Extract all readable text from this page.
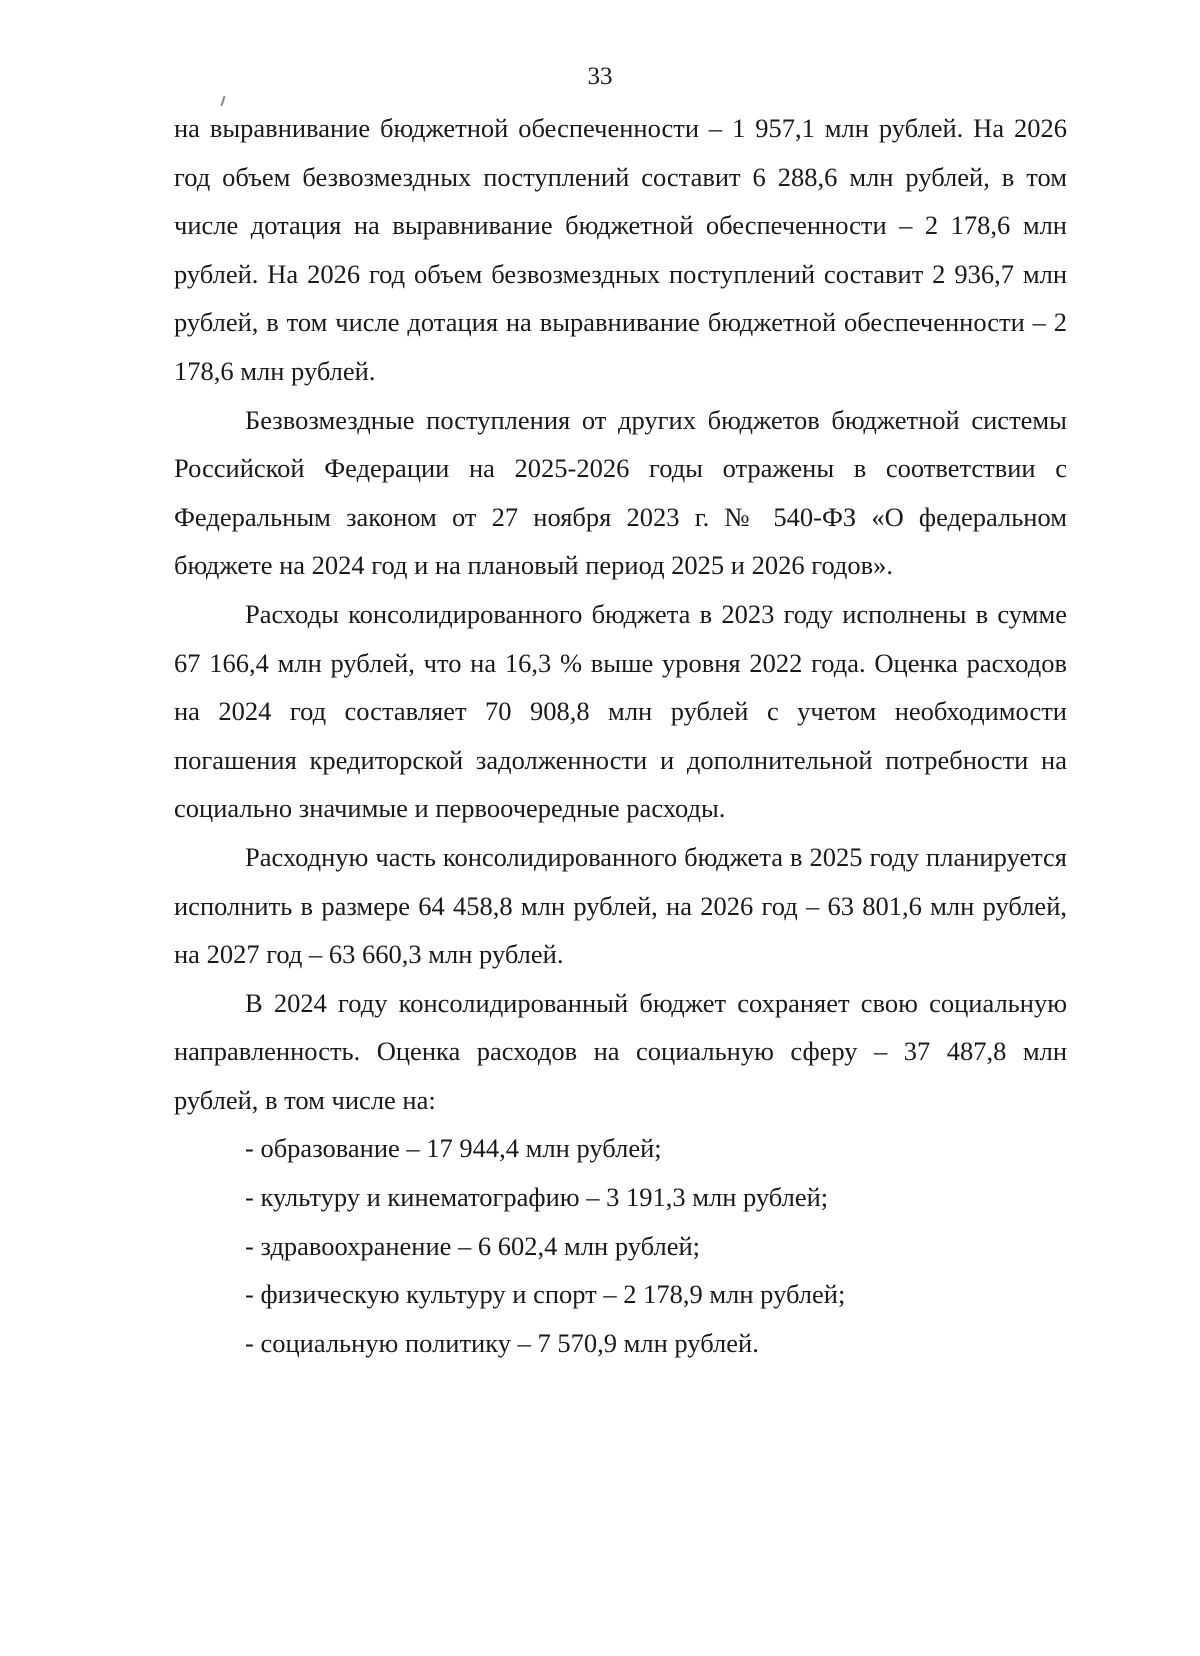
33

на выравнивание бюджетной обеспеченности – 1 957,1 млн рублей. На 2026 год объем безвозмездных поступлений составит 6 288,6 млн рублей, в том числе дотация на выравнивание бюджетной обеспеченности – 2 178,6 млн рублей. На 2026 год объем безвозмездных поступлений составит 2 936,7 млн рублей, в том числе дотация на выравнивание бюджетной обеспеченности – 2 178,6 млн рублей.

Безвозмездные поступления от других бюджетов бюджетной системы Российской Федерации на 2025-2026 годы отражены в соответствии с Федеральным законом от 27 ноября 2023 г. № 540-ФЗ «О федеральном бюджете на 2024 год и на плановый период 2025 и 2026 годов».

Расходы консолидированного бюджета в 2023 году исполнены в сумме 67 166,4 млн рублей, что на 16,3 % выше уровня 2022 года. Оценка расходов на 2024 год составляет 70 908,8 млн рублей с учетом необходимости погашения кредиторской задолженности и дополнительной потребности на социально значимые и первоочередные расходы.

Расходную часть консолидированного бюджета в 2025 году планируется исполнить в размере 64 458,8 млн рублей, на 2026 год – 63 801,6 млн рублей, на 2027 год – 63 660,3 млн рублей.

В 2024 году консолидированный бюджет сохраняет свою социальную направленность. Оценка расходов на социальную сферу – 37 487,8 млн рублей, в том числе на:

- образование – 17 944,4 млн рублей;
- культуру и кинематографию – 3 191,3 млн рублей;
- здравоохранение – 6 602,4 млн рублей;
- физическую культуру и спорт – 2 178,9 млн рублей;
- социальную политику – 7 570,9 млн рублей.
